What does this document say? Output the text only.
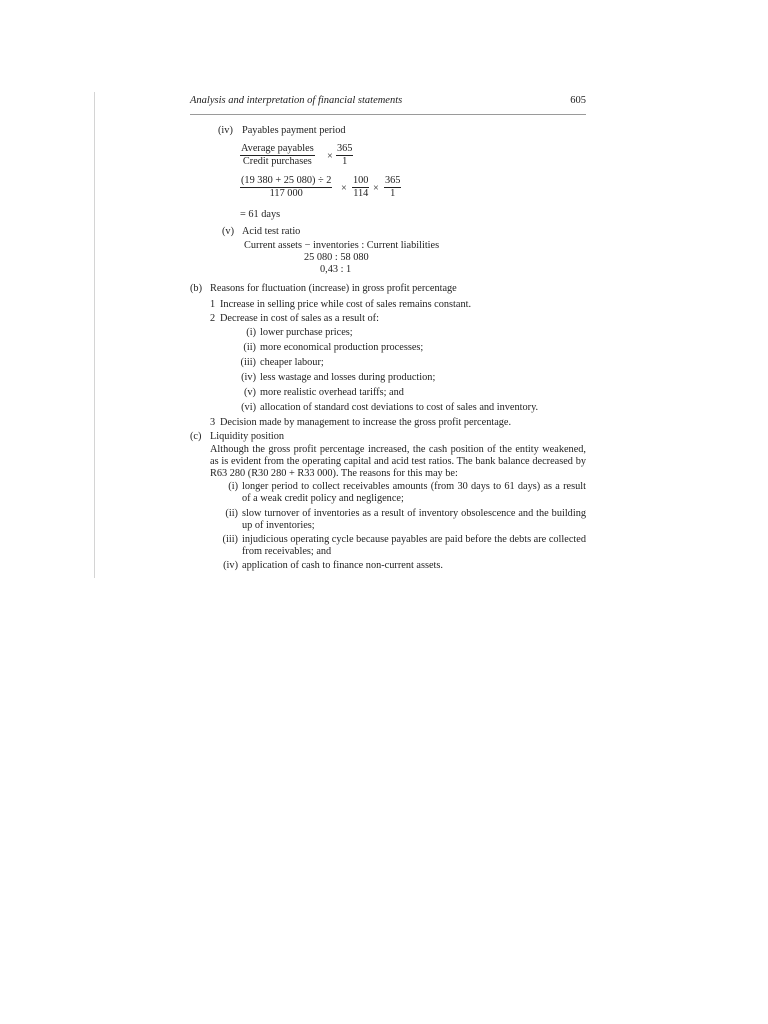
Analysis and interpretation of financial statements	605
(iv) Payables payment period
Average payables
Credit purchases × $\frac{365}{1}$
$\frac{(19 380 + 25 080) \div 2}{117 000} \times \frac{100}{114} \times \frac{365}{1}$
= 61 days
(v) Acid test ratio
Current assets − inventories : Current liabilities
25 080 : 58 080
0,43 : 1
(b) Reasons for fluctuation (increase) in gross profit percentage
1 Increase in selling price while cost of sales remains constant.
2 Decrease in cost of sales as a result of:
(i) lower purchase prices;
(ii) more economical production processes;
(iii) cheaper labour;
(iv) less wastage and losses during production;
(v) more realistic overhead tariffs; and
(vi) allocation of standard cost deviations to cost of sales and inventory.
3 Decision made by management to increase the gross profit percentage.
(c) Liquidity position
Although the gross profit percentage increased, the cash position of the entity weakened, as is evident from the operating capital and acid test ratios. The bank balance decreased by R63 280 (R30 280 + R33 000). The reasons for this may be:
(i) longer period to collect receivables amounts (from 30 days to 61 days) as a result of a weak credit policy and negligence;
(ii) slow turnover of inventories as a result of inventory obsolescence and the building up of inventories;
(iii) injudicious operating cycle because payables are paid before the debts are collected from receivables; and
(iv) application of cash to finance non-current assets.
